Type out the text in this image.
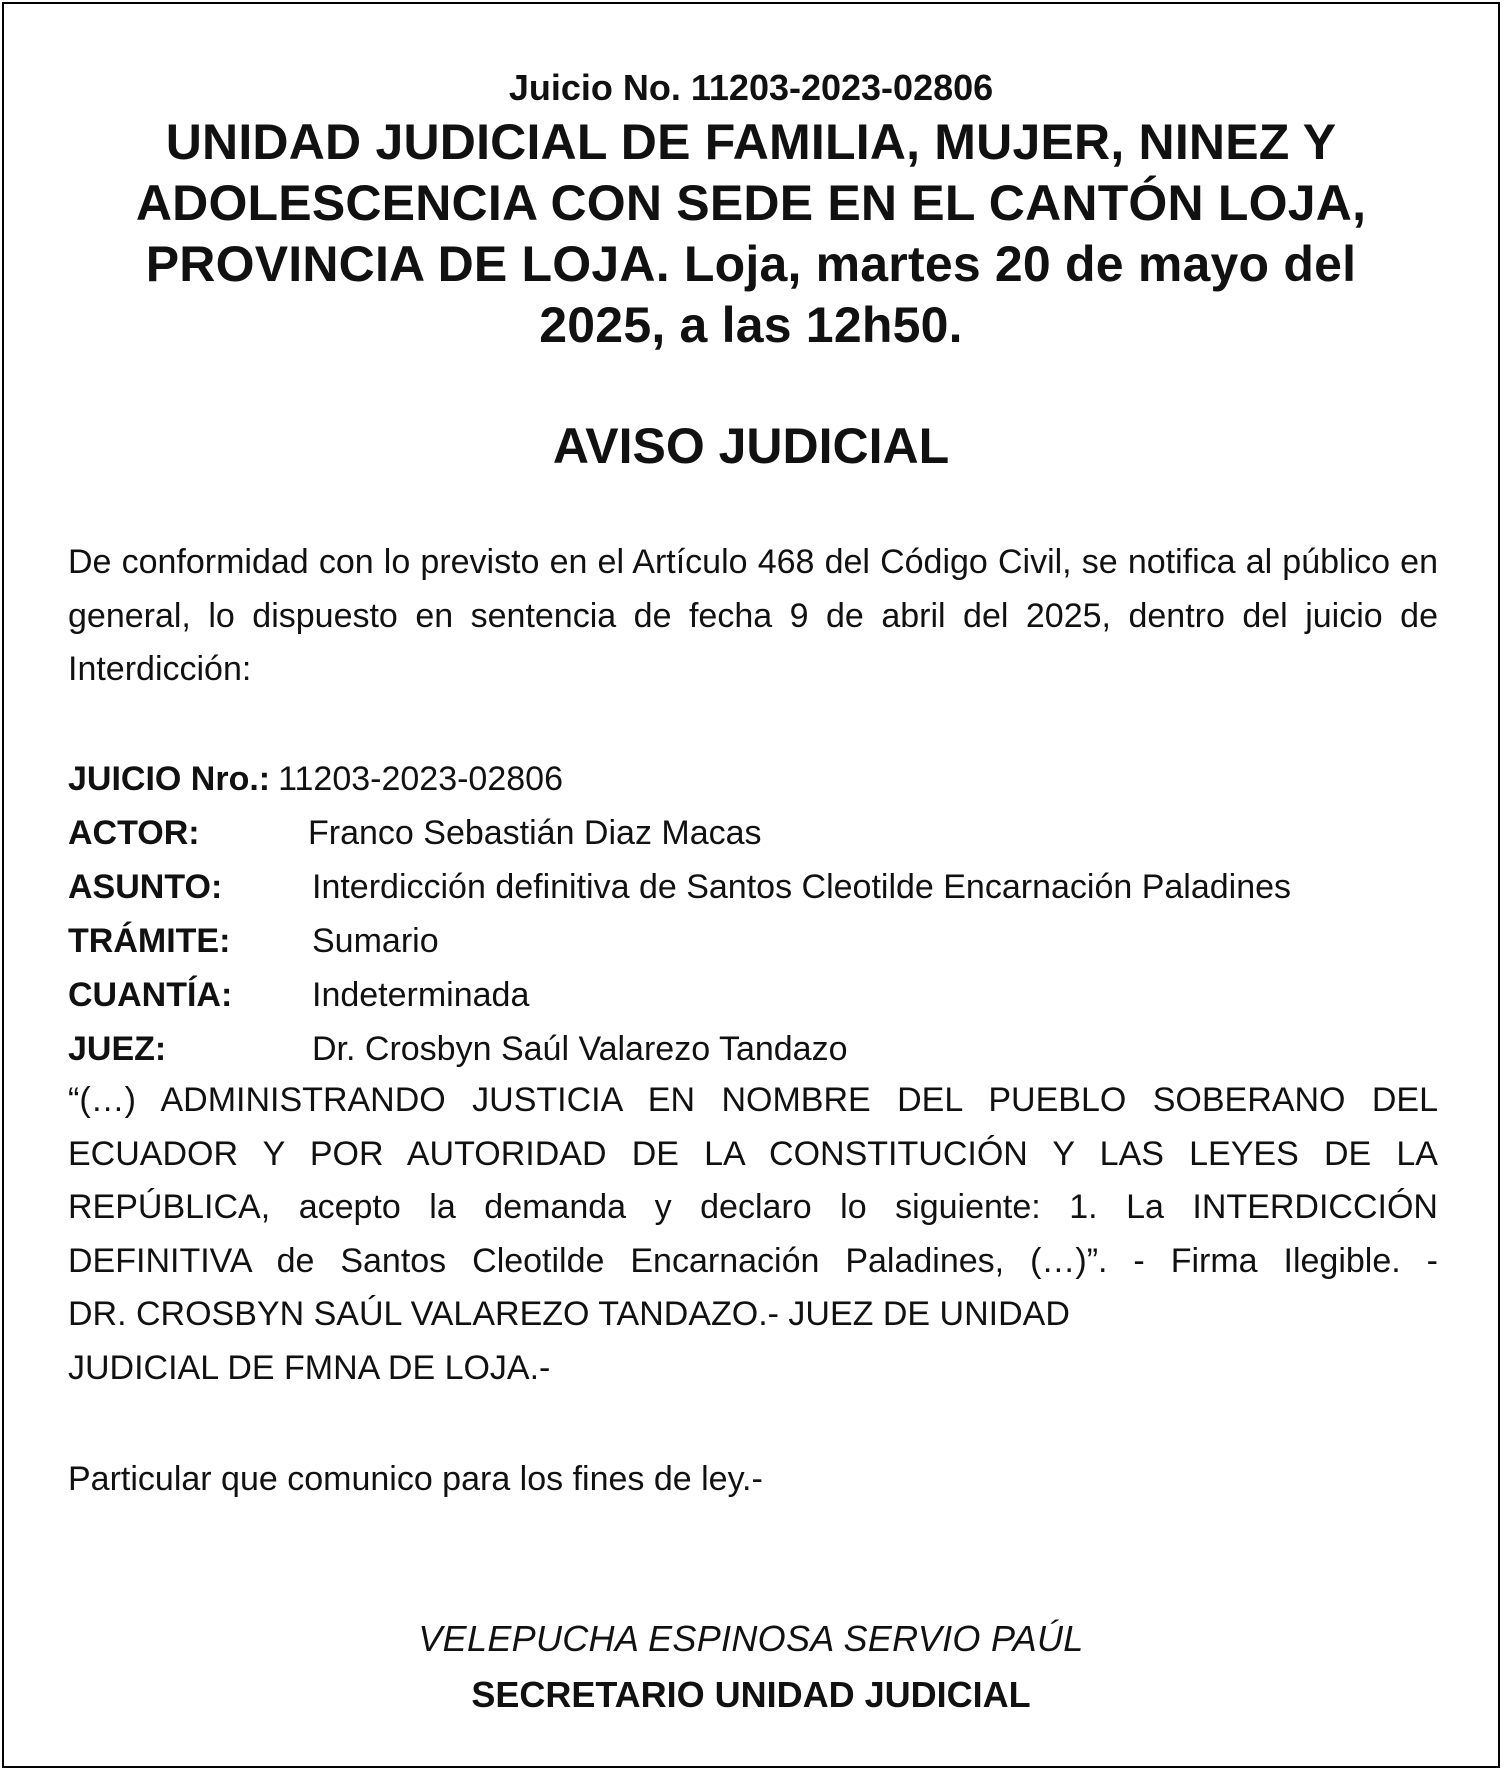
Juicio No. 11203-2023-02806
UNIDAD JUDICIAL DE FAMILIA, MUJER, NINEZ Y
ADOLESCENCIA CON SEDE EN EL CANTÓN LOJA,
PROVINCIA DE LOJA. Loja, martes 20 de mayo del
2025, a las 12h50.
AVISO JUDICIAL

De conformidad con lo previsto en el Artículo 468 del Código Civil, se notifica al público en general, lo dispuesto en sentencia de fecha 9 de abril del 2025, dentro del juicio de Interdicción:

JUICIO Nro.: 11203-2023-02806
ACTOR:	Franco Sebastián Diaz Macas
ASUNTO:	Interdicción definitiva de Santos Cleotilde Encarnación Paladines
TRÁMITE:	Sumario
CUANTÍA:	Indeterminada
JUEZ:	Dr. Crosbyn Saúl Valarezo Tandazo
“(…) ADMINISTRANDO JUSTICIA EN NOMBRE DEL PUEBLO SOBERANO DEL
ECUADOR Y POR AUTORIDAD DE LA CONSTITUCIÓN Y LAS LEYES DE LA
REPÚBLICA, acepto la demanda y declaro lo siguiente: 1. La INTERDICCIÓN
DEFINITIVA de Santos Cleotilde Encarnación Paladines, (…)”. - Firma Ilegible. -
DR. CROSBYN SAÚL VALAREZO TANDAZO.- JUEZ DE UNIDAD
JUDICIAL DE FMNA DE LOJA.-
Particular que comunico para los fines de ley.-
VELEPUCHA ESPINOSA SERVIO PAÚL
SECRETARIO UNIDAD JUDICIAL
